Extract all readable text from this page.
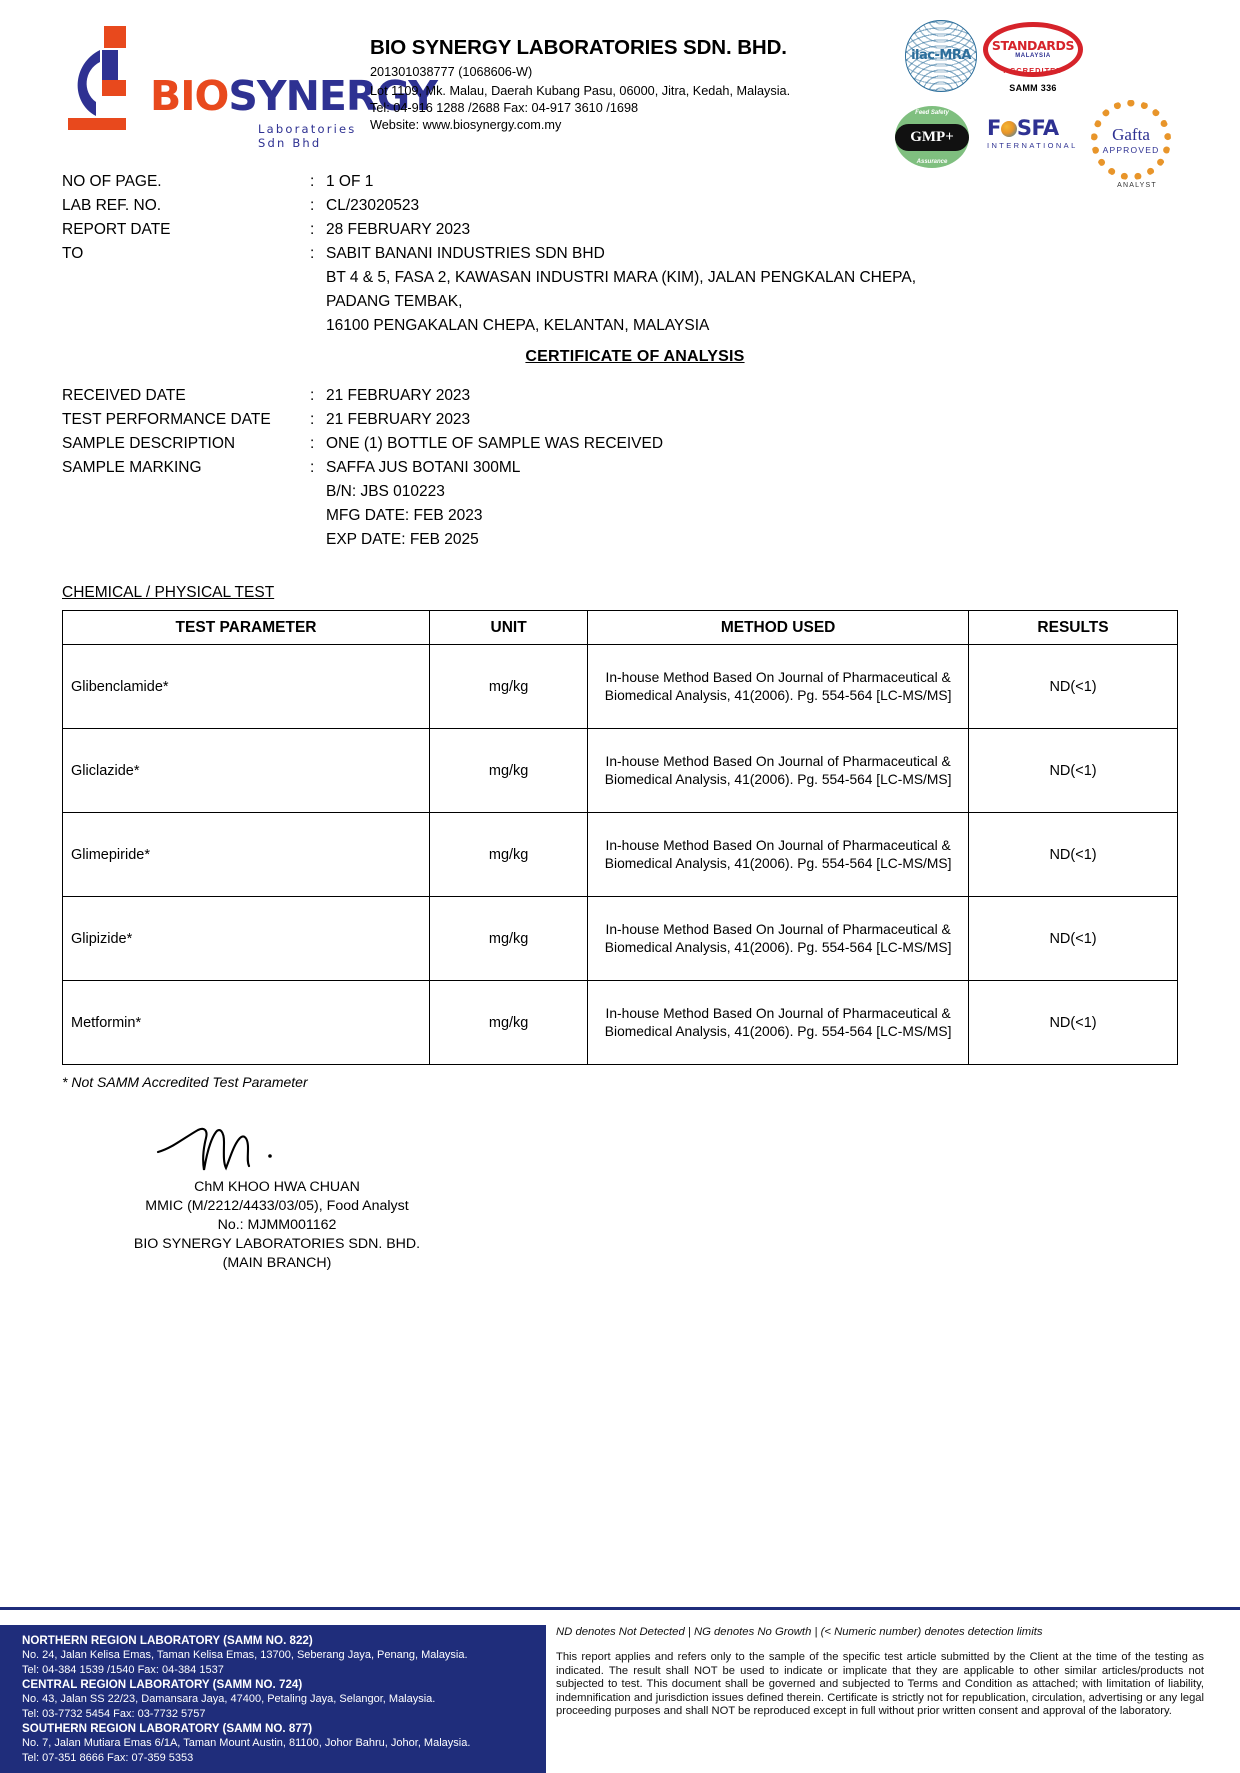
BIOSYNERGY
Laboratories Sdn Bhd
BIO SYNERGY LABORATORIES SDN. BHD.
201301038777 (1068606-W)
Lot 1109, Mk. Malau, Daerah Kubang Pasu, 06000, Jitra, Kedah, Malaysia.
Tel: 04-916 1288 /2688 Fax: 04-917 3610 /1698
Website: www.biosynergy.com.my
ilac-MRA
STANDARDS
MALAYSIA
ACCREDITED
SAMM 336
Feed Safety
GMP+
Assurance
F SFA
INTERNATIONAL
Gafta
APPROVED
ANALYST
NO OF PAGE.	:	1 OF 1
LAB REF. NO.	:	CL/23020523
REPORT DATE	:	28 FEBRUARY 2023
TO	:	SABIT BANANI INDUSTRIES SDN BHD
BT 4 & 5, FASA 2, KAWASAN INDUSTRI MARA (KIM), JALAN PENGKALAN CHEPA,
PADANG TEMBAK,
16100 PENGAKALAN CHEPA, KELANTAN, MALAYSIA
CERTIFICATE OF ANALYSIS
RECEIVED DATE	:	21 FEBRUARY 2023
TEST PERFORMANCE DATE	:	21 FEBRUARY 2023
SAMPLE DESCRIPTION	:	ONE (1) BOTTLE OF SAMPLE WAS RECEIVED
SAMPLE MARKING	:	SAFFA JUS BOTANI 300ML
B/N: JBS 010223
MFG DATE: FEB 2023
EXP DATE: FEB 2025
CHEMICAL / PHYSICAL TEST
TEST PARAMETER	UNIT	METHOD USED	RESULTS
Glibenclamide*	mg/kg	In-house Method Based On Journal of Pharmaceutical & Biomedical Analysis, 41(2006). Pg. 554-564 [LC-MS/MS]	ND(<1)
Gliclazide*	mg/kg	In-house Method Based On Journal of Pharmaceutical & Biomedical Analysis, 41(2006). Pg. 554-564 [LC-MS/MS]	ND(<1)
Glimepiride*	mg/kg	In-house Method Based On Journal of Pharmaceutical & Biomedical Analysis, 41(2006). Pg. 554-564 [LC-MS/MS]	ND(<1)
Glipizide*	mg/kg	In-house Method Based On Journal of Pharmaceutical & Biomedical Analysis, 41(2006). Pg. 554-564 [LC-MS/MS]	ND(<1)
Metformin*	mg/kg	In-house Method Based On Journal of Pharmaceutical & Biomedical Analysis, 41(2006). Pg. 554-564 [LC-MS/MS]	ND(<1)
* Not SAMM Accredited Test Parameter
ChM KHOO HWA CHUAN
MMIC (M/2212/4433/03/05), Food Analyst
No.: MJMM001162
BIO SYNERGY LABORATORIES SDN. BHD.
(MAIN BRANCH)
NORTHERN REGION LABORATORY (SAMM NO. 822)
No. 24, Jalan Kelisa Emas, Taman Kelisa Emas, 13700, Seberang Jaya, Penang, Malaysia.
Tel: 04-384 1539 /1540 Fax: 04-384 1537
CENTRAL REGION LABORATORY (SAMM NO. 724)
No. 43, Jalan SS 22/23, Damansara Jaya, 47400, Petaling Jaya, Selangor, Malaysia.
Tel: 03-7732 5454 Fax: 03-7732 5757
SOUTHERN REGION LABORATORY (SAMM NO. 877)
No. 7, Jalan Mutiara Emas 6/1A, Taman Mount Austin, 81100, Johor Bahru, Johor, Malaysia.
Tel: 07-351 8666 Fax: 07-359 5353
ND denotes Not Detected | NG denotes No Growth | (< Numeric number) denotes detection limits
This report applies and refers only to the sample of the specific test article submitted by the Client at the time of the testing as indicated. The result shall NOT be used to indicate or implicate that they are applicable to other similar articles/products not subjected to test. This document shall be governed and subjected to Terms and Condition as attached; with limitation of liability, indemnification and jurisdiction issues defined therein. Certificate is strictly not for republication, circulation, advertising or any legal proceeding purposes and shall NOT be reproduced except in full without prior written consent and approval of the laboratory.
